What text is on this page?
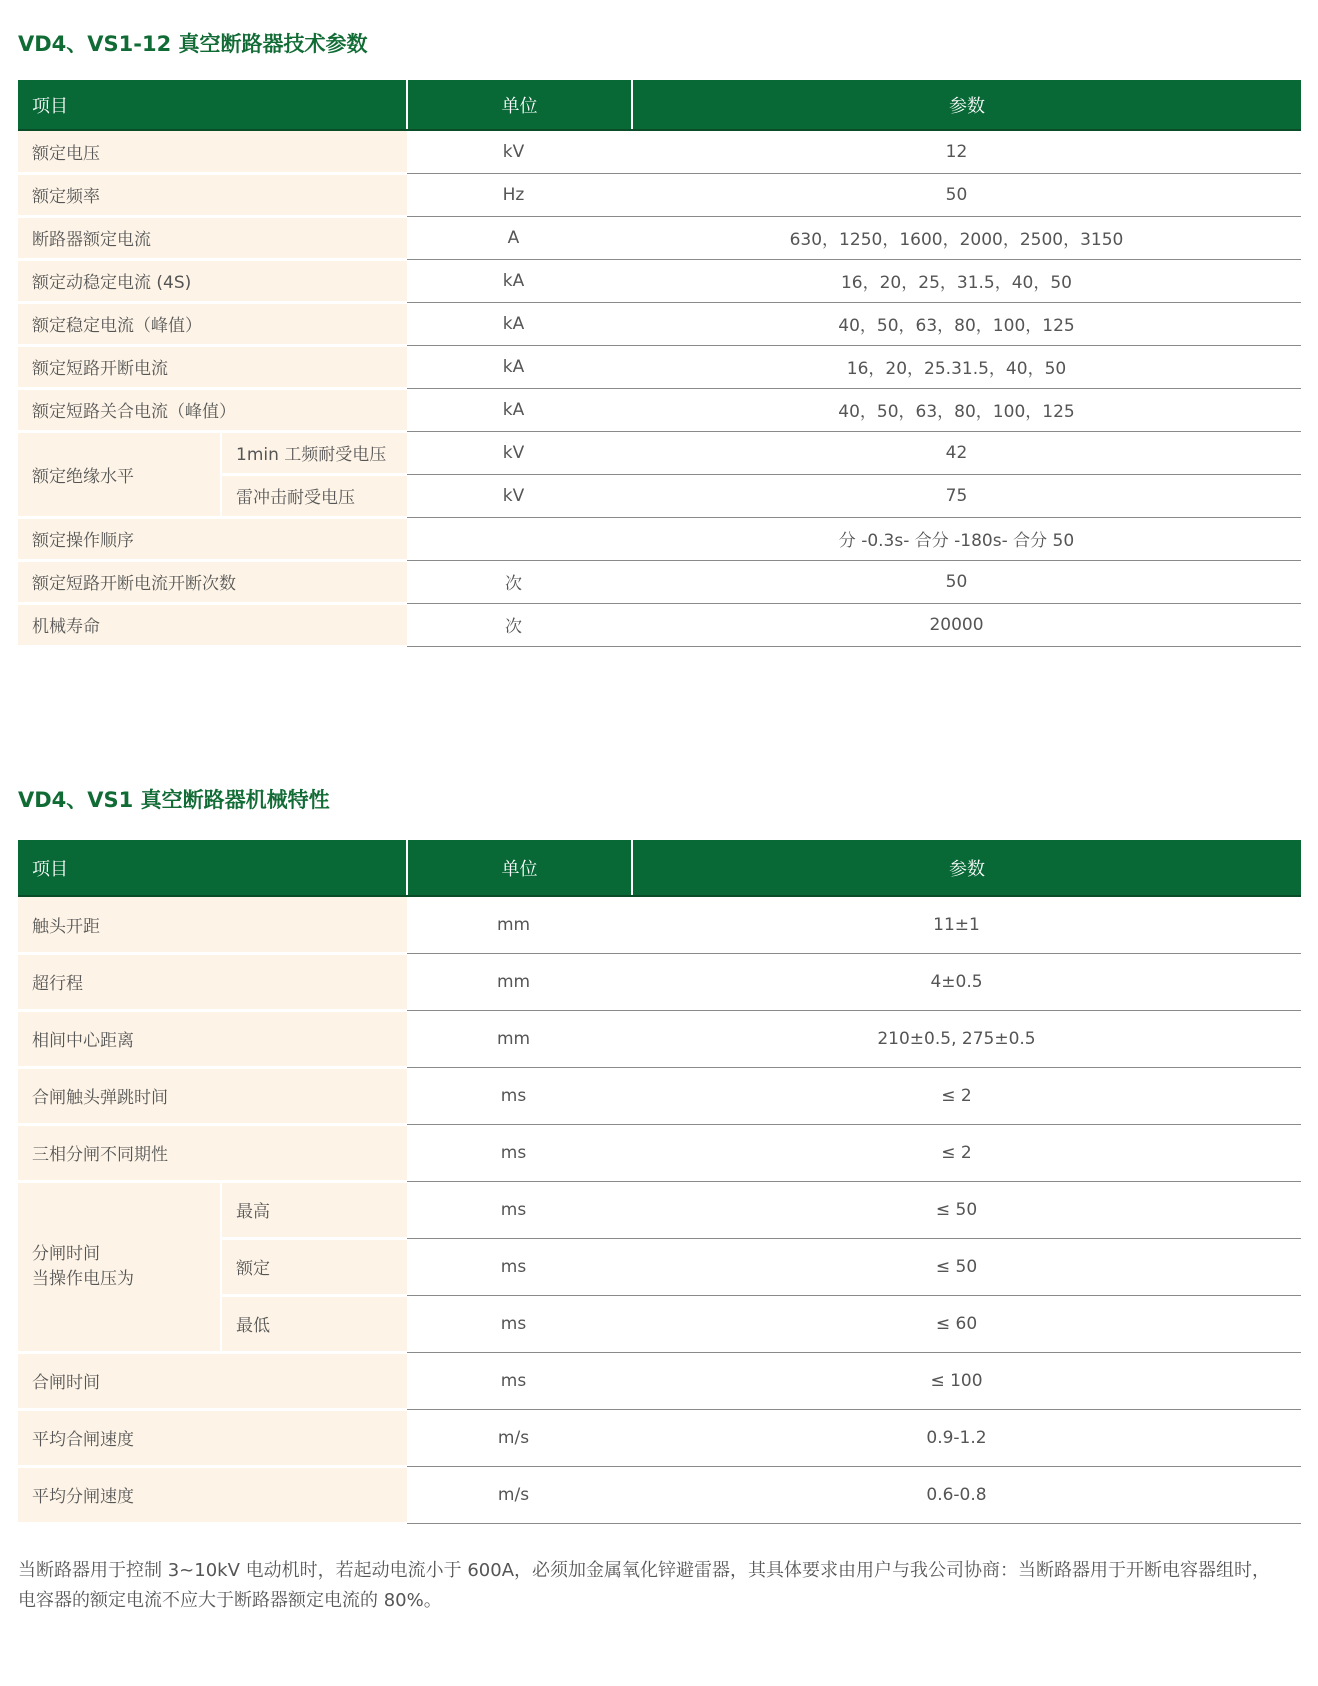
VD4、VS1-12 真空断路器技术参数
项目		单位	参数
额定电压		kV	12
额定频率		Hz	50
断路器额定电流		A	630，1250，1600，2000，2500，3150
额定动稳定电流 (4S)		kA	16，20，25，31.5，40，50
额定稳定电流（峰值）		kA	40，50，63，80，100，125
额定短路开断电流		kA	16，20，25.31.5，40，50
额定短路关合电流（峰值）		kA	40，50，63，80，100，125
额定绝缘水平	1min 工频耐受电压	kV	42
	雷冲击耐受电压	kV	75
额定操作顺序			分 -0.3s- 合分 -180s- 合分 50
额定短路开断电流开断次数		次	50
机械寿命		次	20000
VD4、VS1 真空断路器机械特性
项目		单位	参数
触头开距		mm	11±1
超行程		mm	4±0.5
相间中心距离		mm	210±0.5, 275±0.5
合闸触头弹跳时间		ms	≤ 2
三相分闸不同期性		ms	≤ 2

分闸时间
当操作电压为	最高	ms	≤ 50
	额定	ms	≤ 50
	最低	ms	≤ 60
合闸时间		ms	≤ 100
平均合闸速度		m/s	0.9-1.2
平均分闸速度		m/s	0.6-0.8
当断路器用于控制 3~10kV 电动机时，若起动电流小于 600A，必须加金属氧化锌避雷器，其具体要求由用户与我公司协商：当断路器用于开断电容器组时，
电容器的额定电流不应大于断路器额定电流的 80%。
